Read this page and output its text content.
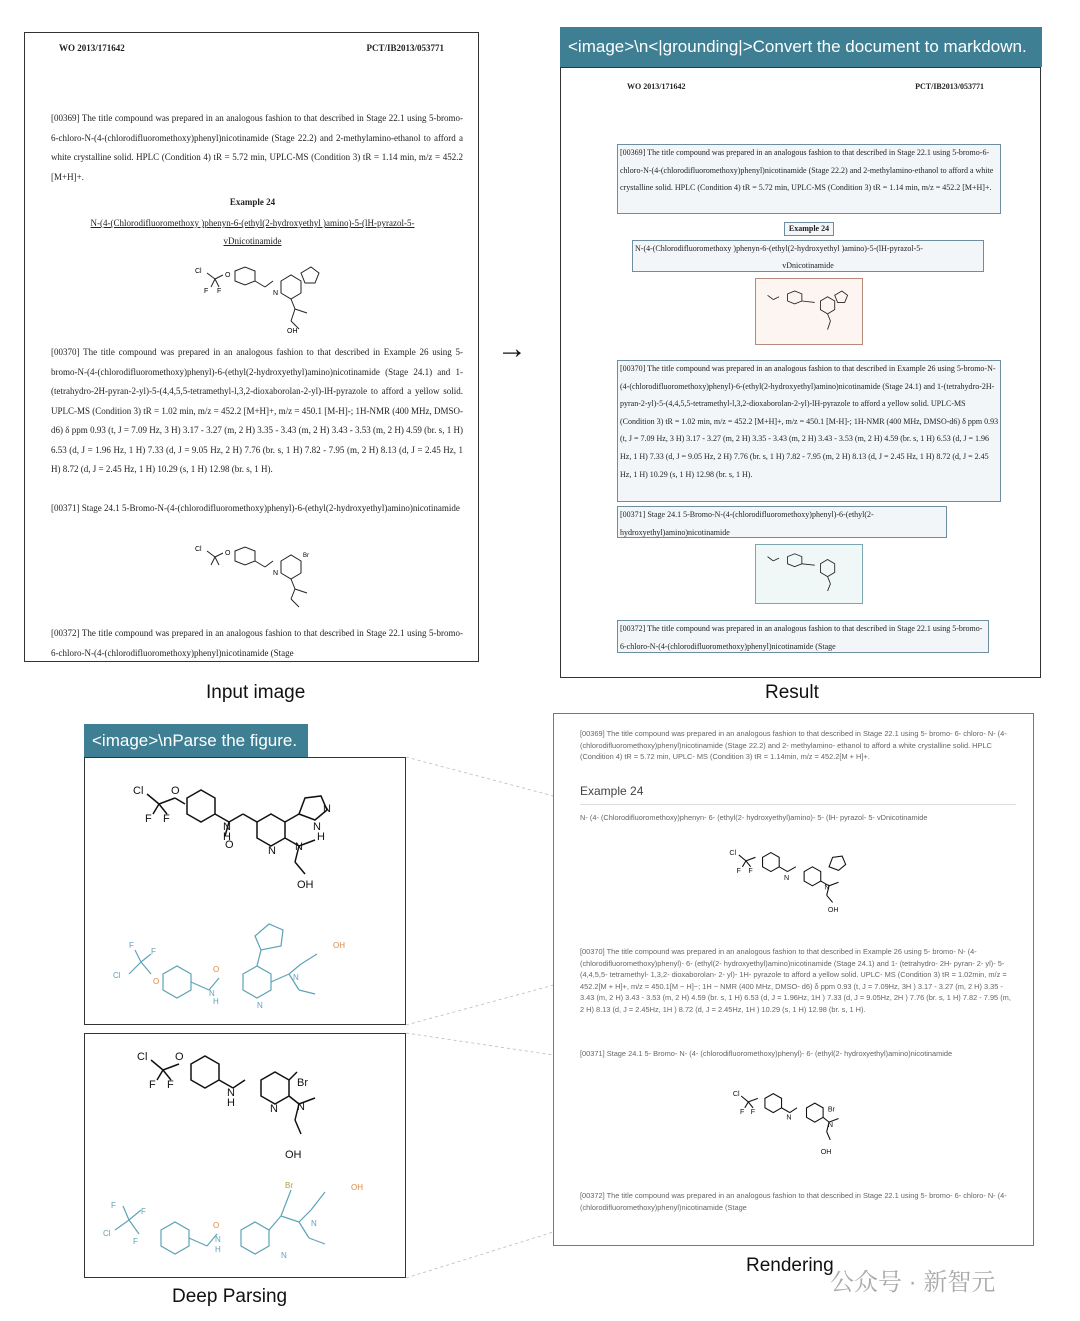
WO 2013/171642	PCT/IB2013/053771
[00369] The title compound was prepared in an analogous fashion to that described in Stage 22.1 using 5-bromo-6-chloro-N-(4-(chlorodifluoromethoxy)phenyl)nicotinamide (Stage 22.2) and 2-methylamino-ethanol to afford a white crystalline solid. HPLC (Condition 4) tR = 5.72 min, UPLC-MS (Condition 3) tR = 1.14 min, m/z = 452.2 [M+H]+.
Example 24
N-(4-(Chlorodifluoromethoxy )phenyn-6-(ethyl(2-hydroxyethyl )amino)-5-(lH-pyrazol-5-
vDnicotinamide
Cl
O
F F	N
OH
[00370] The title compound was prepared in an analogous fashion to that described in Example 26 using 5-bromo-N-(4-(chlorodifluoromethoxy)phenyl)-6-(ethyl(2-hydroxyethyl)amino)nicotinamide (Stage 24.1) and 1-(tetrahydro-2H-pyran-2-yl)-5-(4,4,5,5-tetramethyl-l,3,2-dioxaborolan-2-yl)-lH-pyrazole to afford a yellow solid. UPLC-MS (Condition 3) tR = 1.02 min, m/z = 452.2 [M+H]+, m/z = 450.1 [M-H]-; 1H-NMR (400 MHz, DMSO-d6) δ ppm 0.93 (t, J = 7.09 Hz, 3 H) 3.17 - 3.27 (m, 2 H) 3.35 - 3.43 (m, 2 H) 3.43 - 3.53 (m, 2 H) 4.59 (br. s, 1 H) 6.53 (d, J = 1.96 Hz, 1 H) 7.33 (d, J = 9.05 Hz, 2 H) 7.76 (br. s, 1 H) 7.82 - 7.95 (m, 2 H) 8.13 (d, J = 2.45 Hz, 1 H) 8.72 (d, J = 2.45 Hz, 1 H) 10.29 (s, 1 H) 12.98 (br. s, 1 H).
[00371] Stage 24.1 5-Bromo-N-(4-(chlorodifluoromethoxy)phenyl)-6-(ethyl(2-hydroxyethyl)amino)nicotinamide
Cl
O	Br
N
[00372] The title compound was prepared in an analogous fashion to that described in Stage 22.1 using 5-bromo-6-chloro-N-(4-(chlorodifluoromethoxy)phenyl)nicotinamide (Stage
Input image
→
<image>\n<|grounding|>Convert the document to markdown.
WO 2013/171642	PCT/IB2013/053771
[00369] The title compound was prepared in an analogous fashion to that described in Stage 22.1 using 5-bromo-6-chloro-N-(4-(chlorodifluoromethoxy)phenyl)nicotinamide (Stage 22.2) and 2-methylamino-ethanol to afford a white crystalline solid. HPLC (Condition 4) tR = 5.72 min, UPLC-MS (Condition 3) tR = 1.14 min, m/z = 452.2 [M+H]+.
Example 24
N-(4-(Chlorodifluoromethoxy )phenyn-6-(ethyl(2-hydroxyethyl )amino)-5-(lH-pyrazol-5-
vDnicotinamide
[00370] The title compound was prepared in an analogous fashion to that described in Example 26 using 5-bromo-N-(4-(chlorodifluoromethoxy)phenyl)-6-(ethyl(2-hydroxyethyl)amino)nicotinamide (Stage 24.1) and 1-(tetrahydro-2H-pyran-2-yl)-5-(4,4,5,5-tetramethyl-l,3,2-dioxaborolan-2-yl)-lH-pyrazole to afford a yellow solid. UPLC-MS (Condition 3) tR = 1.02 min, m/z = 452.2 [M+H]+, m/z = 450.1 [M-H]-; 1H-NMR (400 MHz, DMSO-d6) δ ppm 0.93 (t, J = 7.09 Hz, 3 H) 3.17 - 3.27 (m, 2 H) 3.35 - 3.43 (m, 2 H) 3.43 - 3.53 (m, 2 H) 4.59 (br. s, 1 H) 6.53 (d, J = 1.96 Hz, 1 H) 7.33 (d, J = 9.05 Hz, 2 H) 7.76 (br. s, 1 H) 7.82 - 7.95 (m, 2 H) 8.13 (d, J = 2.45 Hz, 1 H) 8.72 (d, J = 2.45 Hz, 1 H) 10.29 (s, 1 H) 12.98 (br. s, 1 H).
[00371] Stage 24.1 5-Bromo-N-(4-(chlorodifluoromethoxy)phenyl)-6-(ethyl(2-hydroxyethyl)amino)nicotinamide
[00372] The title compound was prepared in an analogous fashion to that described in Stage 22.1 using 5-bromo-6-chloro-N-(4-(chlorodifluoromethoxy)phenyl)nicotinamide (Stage
Result
<image>\nParse the figure.
Cl	O
F F
O
N
H
N N
N
N
H
OH
Cl
F
F
O
O
N
H	N
N
OH
Cl	O
F F
N
H
Br
N N
OH
Cl
F
F
F
O
N
H
Br
N
N
OH
Deep Parsing
[00369] The title compound was prepared in an analogous fashion to that described in Stage 22.1 using 5- bromo- 6- chloro- N- (4- (chlorodifluoromethoxy)phenyl)nicotinamide (Stage 22.2) and 2- methylamino- ethanol to afford a white crystalline solid. HPLC (Condition 4) tR = 5.72 min, UPLC- MS (Condition 3) tR = 1.14min, m/z = 452.2[M + H]+.
Example 24
N- (4- (Chlorodifluoromethoxy)phenyn- 6- (ethyl(2- hydroxyethyl)amino)- 5- (lH- pyrazol- 5- vDnicotinamide
Cl
F F
N
N
OH
[00370] The title compound was prepared in an analogous fashion to that described in Example 26 using 5- bromo- N- (4- (chlorodifluoromethoxy)phenyl)- 6- (ethyl(2- hydroxyethyl)amino)nicotinamide (Stage 24.1) and 1- (tetrahydro- 2H- pyran- 2- yl)- 5- (4,4,5,5- tetramethyl- 1,3,2- dioxaborolan- 2- yl)- 1H- pyrazole to afford a yellow solid. UPLC- MS (Condition 3) tR = 1.02min, m/z = 452.2[M + H]+, m/z = 450.1[M − H]−; 1H − NMR (400 MHz, DMSO- d6) δ ppm 0.93 (t, J = 7.09Hz, 3H ) 3.17 - 3.27 (m, 2 H) 3.35 - 3.43 (m, 2 H) 3.43 - 3.53 (m, 2 H) 4.59 (br. s, 1 H) 6.53 (d, J = 1.96Hz, 1H ) 7.33 (d, J = 9.05Hz, 2H ) 7.76 (br. s, 1 H) 7.82 - 7.95 (m, 2 H) 8.13 (d, J = 2.45Hz, 1H ) 8.72 (d, J = 2.45Hz, 1H ) 10.29 (s, 1 H) 12.98 (br. s, 1 H).
[00371] Stage 24.1 5- Bromo- N- (4- (chlorodifluoromethoxy)phenyl)- 6- (ethyl(2- hydroxyethyl)amino)nicotinamide
Cl
F F	Br
N
N
OH
[00372] The title compound was prepared in an analogous fashion to that described in Stage 22.1 using 5- bromo- 6- chloro- N- (4- (chlorodifluoromethoxy)phenyl)nicotinamide (Stage
Rendering
公众号 · 新智元
